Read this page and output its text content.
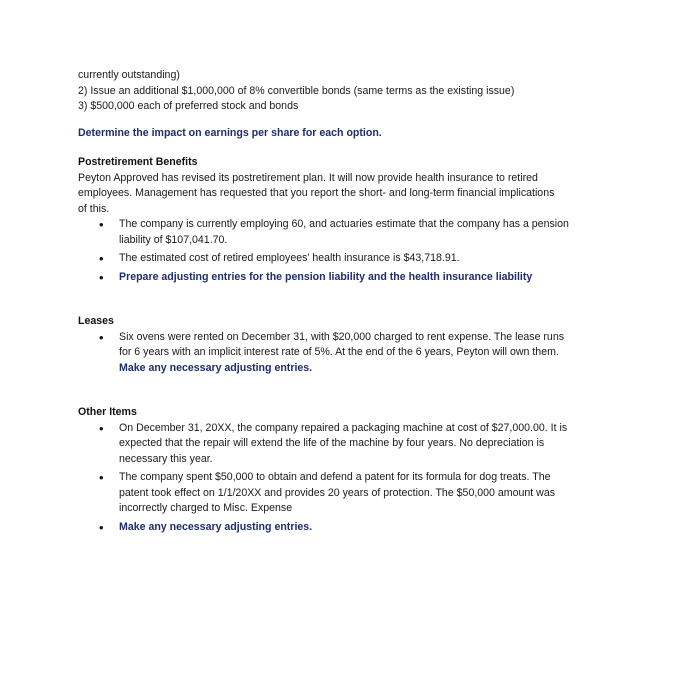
currently outstanding)

2) Issue an additional $1,000,000 of 8% convertible bonds (same terms as the existing issue)

3) $500,000 each of preferred stock and bonds

Determine the impact on earnings per share for each option.

Postretirement Benefits

Peyton Approved has revised its postretirement plan. It will now provide health insurance to retired

employees. Management has requested that you report the short- and long-term financial implications

of this.

• The company is currently employing 60, and actuaries estimate that the company has a pension

liability of $107,041.70.

• The estimated cost of retired employees’ health insurance is $43,718.91.

• Prepare adjusting entries for the pension liability and the health insurance liability

Leases

• Six ovens were rented on December 31, with $20,000 charged to rent expense. The lease runs

for 6 years with an implicit interest rate of 5%. At the end of the 6 years, Peyton will own them.

Make any necessary adjusting entries.

Other Items

• On December 31, 20XX, the company repaired a packaging machine at cost of $27,000.00. It is

expected that the repair will extend the life of the machine by four years. No depreciation is

necessary this year.

• The company spent $50,000 to obtain and defend a patent for its formula for dog treats. The

patent took effect on 1/1/20XX and provides 20 years of protection. The $50,000 amount was

incorrectly charged to Misc. Expense

• Make any necessary adjusting entries.
